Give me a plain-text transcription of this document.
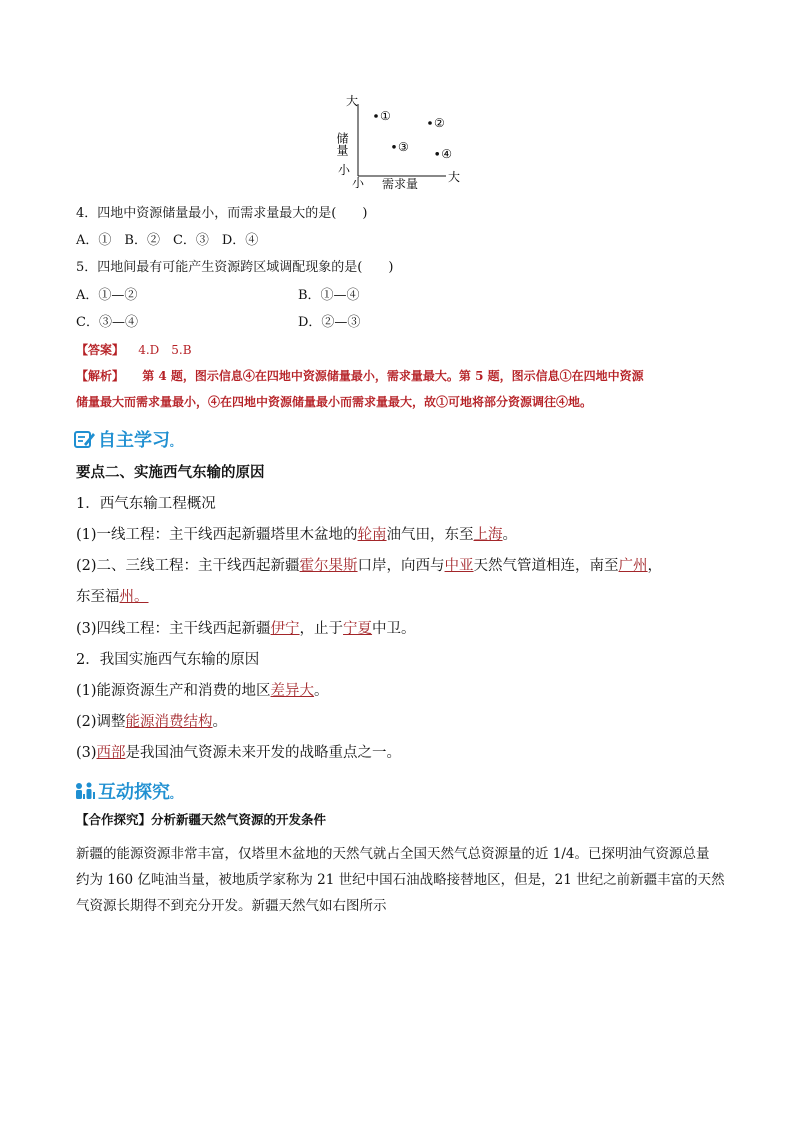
大
储量
小
小 需求量 大
①	②
③	④
4．四地中资源储量最小，而需求量最大的是(　　)
A．①　B．②　C．③　D．④
5．四地间最有可能产生资源跨区域调配现象的是(　　)
A．①—②	B．①—④
C．③—④	D．②—③
【答案】 4.D　5.B
【解析】 第 4 题，图示信息④在四地中资源储量最小，需求量最大。第 5 题，图示信息①在四地中资源
储量最大而需求量最小，④在四地中资源储量最小而需求量最大，故①可地将部分资源调往④地。
自主学习。
要点二、实施西气东输的原因
1．西气东输工程概况
(1)一线工程：主干线西起新疆塔里木盆地的轮南油气田，东至上海。
(2)二、三线工程：主干线西起新疆霍尔果斯口岸，向西与中亚天然气管道相连，南至广州，
东至福州。
(3)四线工程：主干线西起新疆伊宁，止于宁夏中卫。
2．我国实施西气东输的原因
(1)能源资源生产和消费的地区差异大。
(2)调整能源消费结构。
(3)西部是我国油气资源未来开发的战略重点之一。
互动探究。
【合作探究】分析新疆天然气资源的开发条件
新疆的能源资源非常丰富，仅塔里木盆地的天然气就占全国天然气总资源量的近 1/4。已探明油气资源总量
约为 160 亿吨油当量，被地质学家称为 21 世纪中国石油战略接替地区，但是，21 世纪之前新疆丰富的天然
气资源长期得不到充分开发。新疆天然气如右图所示
